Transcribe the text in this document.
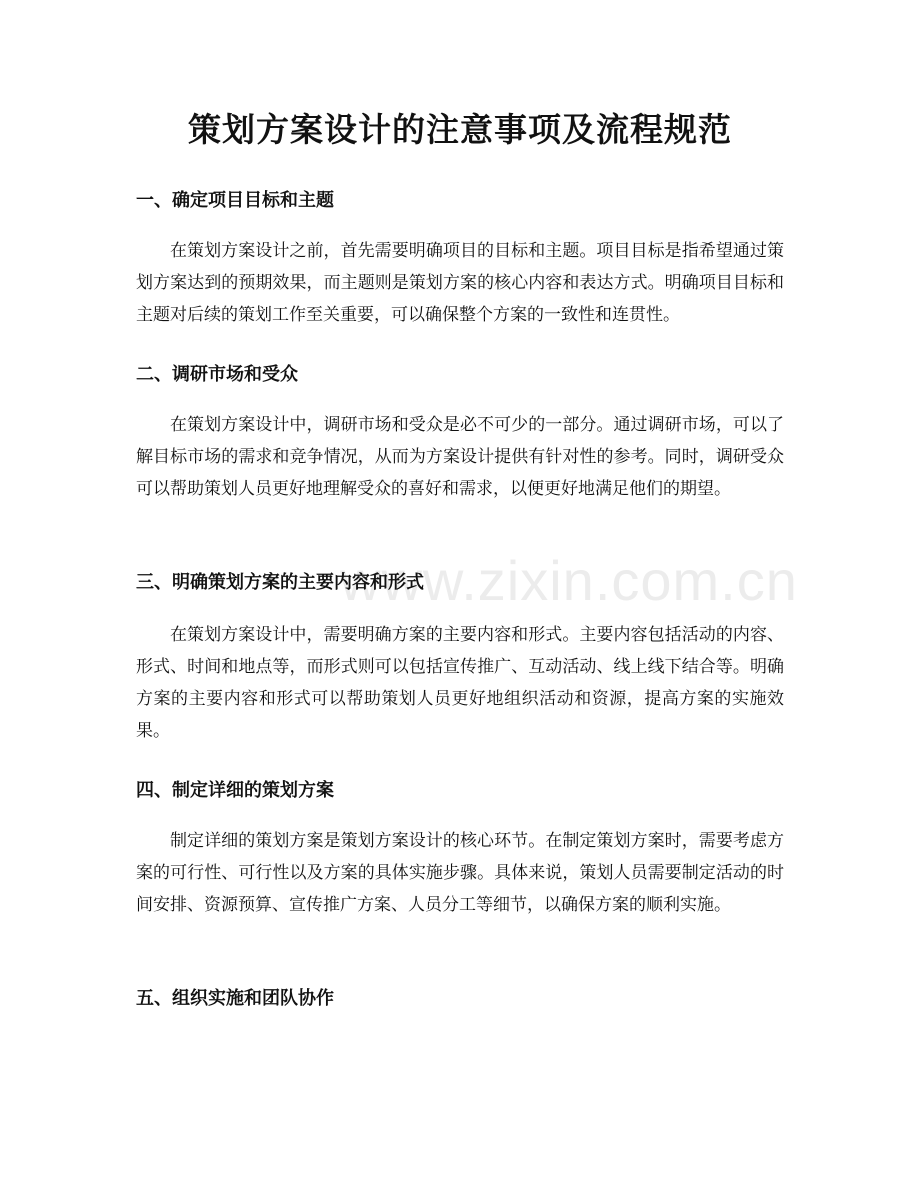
www.zixin.com.cn
策划方案设计的注意事项及流程规范
一、确定项目目标和主题

在策划方案设计之前，首先需要明确项目的目标和主题。项目目标是指希望通过策划方案达到的预期效果，而主题则是策划方案的核心内容和表达方式。明确项目目标和主题对后续的策划工作至关重要，可以确保整个方案的一致性和连贯性。

二、调研市场和受众

在策划方案设计中，调研市场和受众是必不可少的一部分。通过调研市场，可以了解目标市场的需求和竞争情况，从而为方案设计提供有针对性的参考。同时，调研受众可以帮助策划人员更好地理解受众的喜好和需求，以便更好地满足他们的期望。

三、明确策划方案的主要内容和形式

在策划方案设计中，需要明确方案的主要内容和形式。主要内容包括活动的内容、形式、时间和地点等，而形式则可以包括宣传推广、互动活动、线上线下结合等。明确方案的主要内容和形式可以帮助策划人员更好地组织活动和资源，提高方案的实施效果。

四、制定详细的策划方案

制定详细的策划方案是策划方案设计的核心环节。在制定策划方案时，需要考虑方案的可行性、可行性以及方案的具体实施步骤。具体来说，策划人员需要制定活动的时间安排、资源预算、宣传推广方案、人员分工等细节，以确保方案的顺利实施。

五、组织实施和团队协作
